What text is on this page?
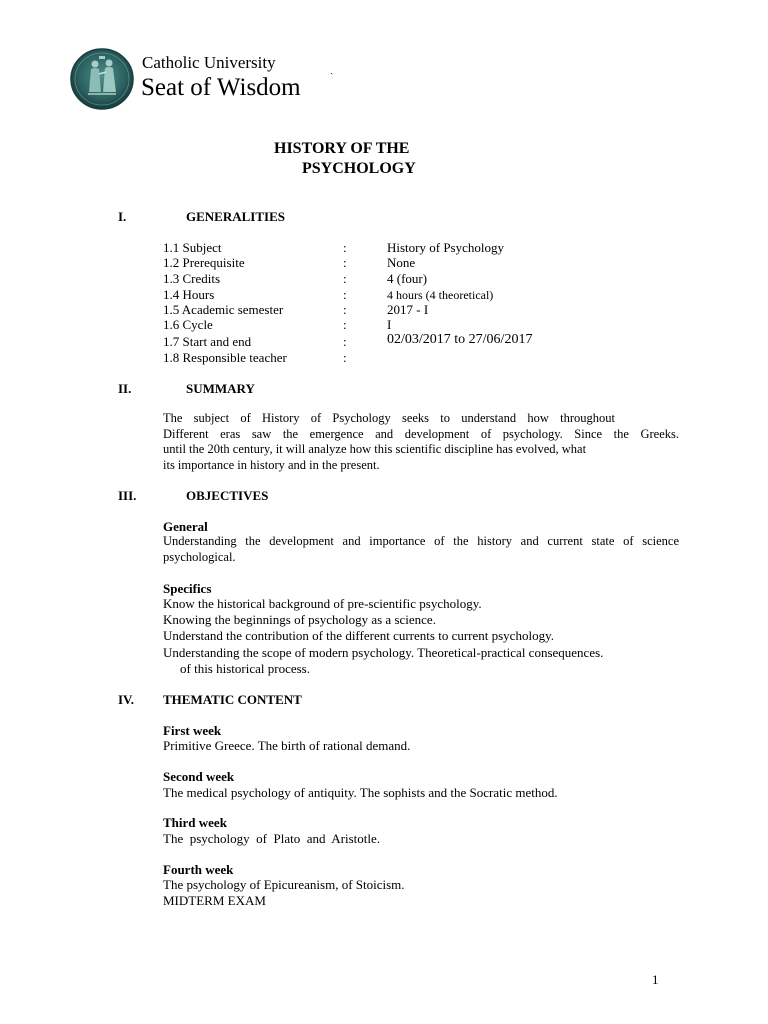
Catholic University
Seat of Wisdom
ˏ
HISTORY OF THE
PSYCHOLOGY
I.	GENERALITIES
1.1 Subject	:	History of Psychology
1.2 Prerequisite	:	None
1.3 Credits	:	4 (four)
1.4 Hours	:	4 hours (4 theoretical)
1.5 Academic semester	:	2017 - I
1.6 Cycle	:	I
1.7 Start and end	:	02/03/2017 to 27/06/2017
1.8 Responsible teacher	:
II.	SUMMARY
The subject of History of Psychology seeks to understand how throughout
Different eras saw the emergence and development of psychology. Since the Greeks.
until the 20th century, it will analyze how this scientific discipline has evolved, what
its importance in history and in the present.
III.	OBJECTIVES
General
Understanding the development and importance of the history and current state of science
psychological.
Specifics
Know the historical background of pre-scientific psychology.
Knowing the beginnings of psychology as a science.
Understand the contribution of the different currents to current psychology.
Understanding the scope of modern psychology. Theoretical-practical consequences.
of this historical process.
IV. THEMATIC CONTENT
First week
Primitive Greece. The birth of rational demand.
Second week
The medical psychology of antiquity. The sophists and the Socratic method.
Third week
The  psychology  of  Plato  and  Aristotle.
Fourth week
The psychology of Epicureanism, of Stoicism.
MIDTERM EXAM
1
